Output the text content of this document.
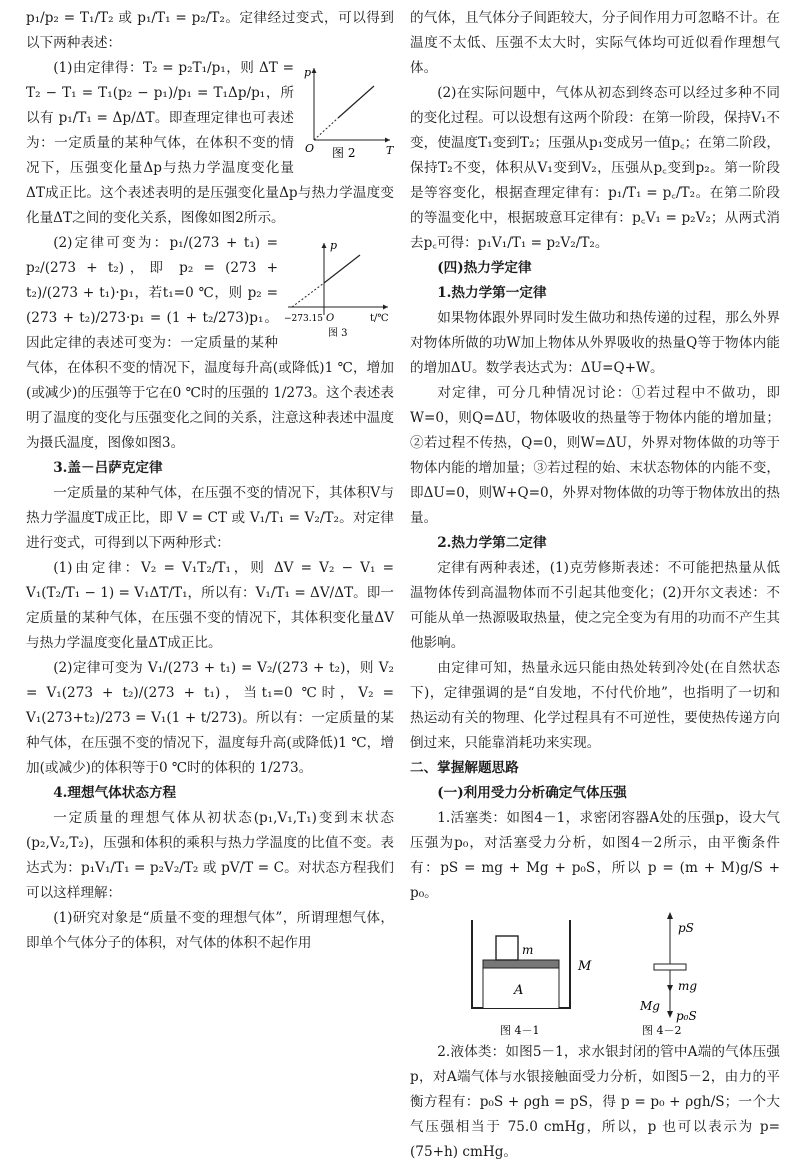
p₁/p₂ = T₁/T₂ 或 p₁/T₁ = p₂/T₂。定律经过变式，可以得到以下两种表述：

p
T
O 图 2

(1)由定律得：T₂ = p₂T₁/p₁，则 ΔT = T₂ − T₁ = T₁(p₂ − p₁)/p₁ = T₁Δp/p₁，所以有 p₁/T₁ = Δp/ΔT。即查理定律也可表述为：一定质量的某种气体，在体积不变的情况下，压强变化量Δp与热力学温度变化量ΔT成正比。这个表述表明的是压强变化量Δp与热力学温度变化量ΔT之间的变化关系，图像如图2所示。

p
t/℃
O
−273.15
图 3

(2)定律可变为：p₁/(273 + t₁) = p₂/(273 + t₂)，即 p₂ = (273 + t₂)/(273 + t₁)·p₁，若t₁=0 ℃，则 p₂ = (273 + t₂)/273·p₁ = (1 + t₂/273)p₁。因此定律的表述可变为：一定质量的某种气体，在体积不变的情况下，温度每升高(或降低)1 ℃，增加(或减少)的压强等于它在0 ℃时的压强的 1/273。这个表述表明了温度的变化与压强变化之间的关系，注意这种表述中温度为摄氏温度，图像如图3。

3.盖－吕萨克定律

一定质量的某种气体，在压强不变的情况下，其体积V与热力学温度T成正比，即 V = CT 或 V₁/T₁ = V₂/T₂。对定律进行变式，可得到以下两种形式：

(1)由定律：V₂ = V₁T₂/T₁，则 ΔV = V₂ − V₁ = V₁(T₂/T₁ − 1) = V₁ΔT/T₁，所以有：V₁/T₁ = ΔV/ΔT。即一定质量的某种气体，在压强不变的情况下，其体积变化量ΔV与热力学温度变化量ΔT成正比。

(2)定律可变为 V₁/(273 + t₁) = V₂/(273 + t₂)，则 V₂ = V₁(273 + t₂)/(273 + t₁)，当t₁=0 ℃时，V₂ = V₁(273+t₂)/273 = V₁(1 + t/273)。所以有：一定质量的某种气体，在压强不变的情况下，温度每升高(或降低)1 ℃，增加(或减少)的体积等于0 ℃时的体积的 1/273。

4.理想气体状态方程

一定质量的理想气体从初状态(p₁,V₁,T₁)变到末状态(p₂,V₂,T₂)，压强和体积的乘积与热力学温度的比值不变。表达式为：p₁V₁/T₁ = p₂V₂/T₂ 或 pV/T = C。对状态方程我们可以这样理解：

(1)研究对象是“质量不变的理想气体”，所谓理想气体，即单个气体分子的体积，对气体的体积不起作用

的气体，且气体分子间距较大，分子间作用力可忽略不计。在温度不太低、压强不太大时，实际气体均可近似看作理想气体。

(2)在实际问题中，气体从初态到终态可以经过多种不同的变化过程。可以设想有这两个阶段：在第一阶段，保持V₁不变，使温度T₁变到T₂；压强从p₁变成另一值p꜀；在第二阶段，保持T₂不变，体积从V₁变到V₂，压强从p꜀变到p₂。第一阶段是等容变化，根据查理定律有：p₁/T₁ = p꜀/T₂。在第二阶段的等温变化中，根据玻意耳定律有：p꜀V₁ = p₂V₂；从两式消去p꜀可得：p₁V₁/T₁ = p₂V₂/T₂。

(四)热力学定律
1.热力学第一定律

如果物体跟外界同时发生做功和热传递的过程，那么外界对物体所做的功W加上物体从外界吸收的热量Q等于物体内能的增加ΔU。数学表达式为：ΔU=Q+W。

对定律，可分几种情况讨论：①若过程中不做功，即W=0，则Q=ΔU，物体吸收的热量等于物体内能的增加量；②若过程不传热，Q=0，则W=ΔU，外界对物体做的功等于物体内能的增加量；③若过程的始、末状态物体的内能不变，即ΔU=0，则W+Q=0，外界对物体做的功等于物体放出的热量。

2.热力学第二定律

定律有两种表述，(1)克劳修斯表述：不可能把热量从低温物体传到高温物体而不引起其他变化；(2)开尔文表述：不可能从单一热源吸取热量，使之完全变为有用的功而不产生其他影响。

由定律可知，热量永远只能由热处转到冷处(在自然状态下)，定律强调的是“自发地，不付代价地”，也指明了一切和热运动有关的物理、化学过程具有不可逆性，要使热传递方向倒过来，只能靠消耗功来实现。

二、掌握解题思路
(一)利用受力分析确定气体压强

1.活塞类：如图4－1，求密闭容器A处的压强p，设大气压强为p₀，对活塞受力分析，如图4－2所示，由平衡条件有：pS = mg + Mg + p₀S，所以 p = (m + M)g/S + p₀。

m
M
A
图 4－1
pS
mg
Mg
p₀S
图 4－2

2.液体类：如图5－1，求水银封闭的管中A端的气体压强p，对A端气体与水银接触面受力分析，如图5－2，由力的平衡方程有：p₀S + ρgh = pS，得 p = p₀ + ρgh/S；一个大气压强相当于 75.0 cmHg，所以，p 也可以表示为 p=(75+h) cmHg。
